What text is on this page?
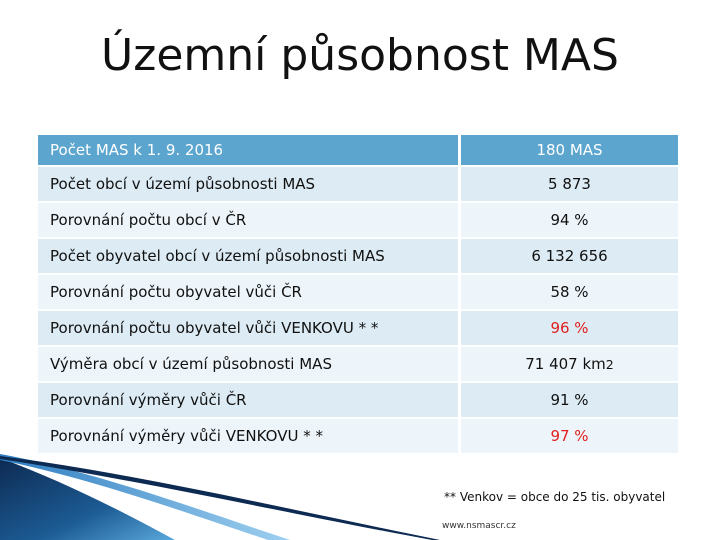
Územní působnost MAS
Počet MAS k 1. 9. 2016	180 MAS
Počet obcí v území působnosti MAS	5 873
Porovnání počtu obcí v ČR	94 %
Počet obyvatel obcí v území působnosti MAS	6 132 656
Porovnání počtu obyvatel vůči ČR	58 %
Porovnání počtu obyvatel vůči VENKOVU * *	96 %
Výměra obcí v území působnosti MAS	71 407 km 2
Porovnání výměry vůči ČR	91 %
Porovnání výměry vůči VENKOVU * *	97 %
** Venkov = obce do 25 tis. obyvatel
www.nsmascr.cz
